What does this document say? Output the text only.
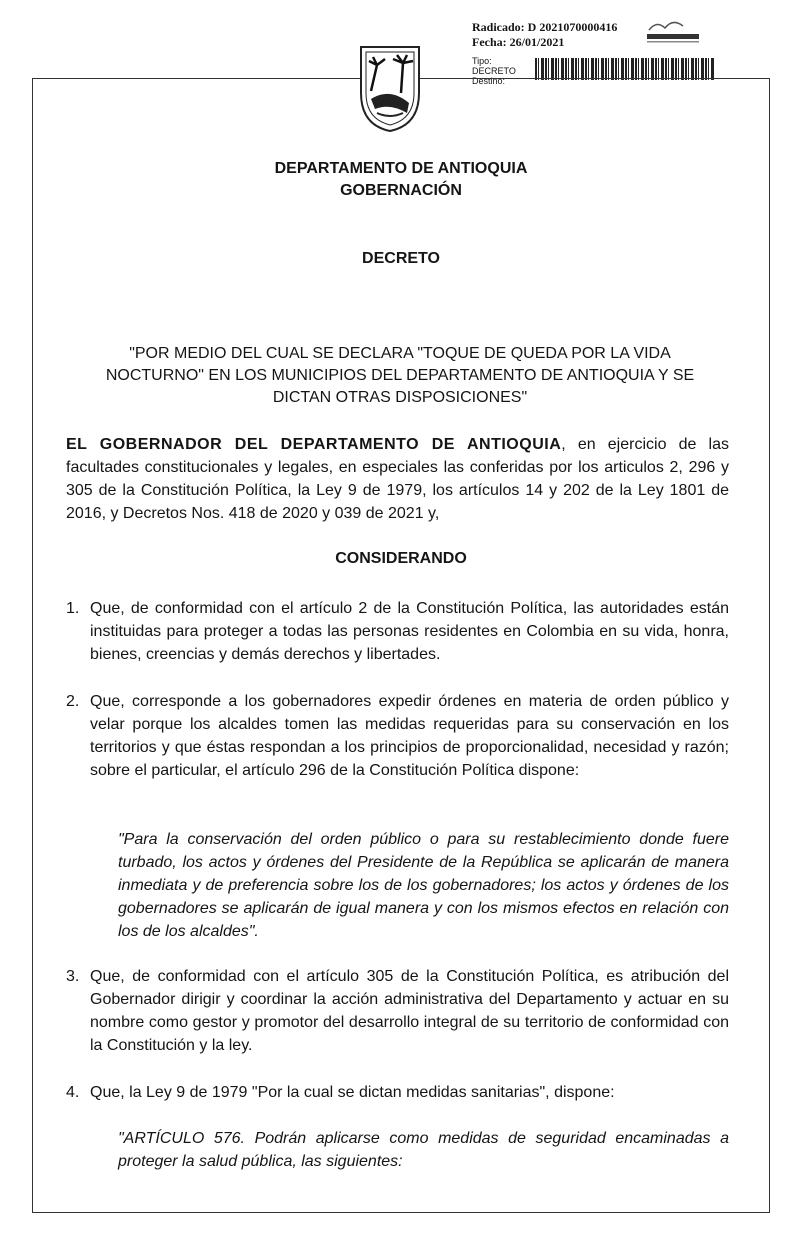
Radicado: D 2021070000416
Fecha: 26/01/2021
Tipo:
DECRETO
Destino:
DEPARTAMENTO DE ANTIOQUIA
GOBERNACIÓN
DECRETO
"POR MEDIO DEL CUAL SE DECLARA "TOQUE DE QUEDA POR LA VIDA NOCTURNO" EN LOS MUNICIPIOS DEL DEPARTAMENTO DE ANTIOQUIA Y SE DICTAN OTRAS DISPOSICIONES"
EL GOBERNADOR DEL DEPARTAMENTO DE ANTIOQUIA, en ejercicio de las facultades constitucionales y legales, en especiales las conferidas por los articulos 2, 296 y 305 de la Constitución Política, la Ley 9 de 1979, los artículos 14 y 202 de la Ley 1801 de 2016, y Decretos Nos. 418 de 2020 y 039 de 2021 y,
CONSIDERANDO
1. Que, de conformidad con el artículo 2 de la Constitución Política, las autoridades están instituidas para proteger a todas las personas residentes en Colombia en su vida, honra, bienes, creencias y demás derechos y libertades.
2. Que, corresponde a los gobernadores expedir órdenes en materia de orden público y velar porque los alcaldes tomen las medidas requeridas para su conservación en los territorios y que éstas respondan a los principios de proporcionalidad, necesidad y razón; sobre el particular, el artículo 296 de la Constitución Política dispone:
"Para la conservación del orden público o para su restablecimiento donde fuere turbado, los actos y órdenes del Presidente de la República se aplicarán de manera inmediata y de preferencia sobre los de los gobernadores; los actos y órdenes de los gobernadores se aplicarán de igual manera y con los mismos efectos en relación con los de los alcaldes".
3. Que, de conformidad con el artículo 305 de la Constitución Política, es atribución del Gobernador dirigir y coordinar la acción administrativa del Departamento y actuar en su nombre como gestor y promotor del desarrollo integral de su territorio de conformidad con la Constitución y la ley.
4. Que, la Ley 9 de 1979 "Por la cual se dictan medidas sanitarias", dispone:
"ARTÍCULO 576. Podrán aplicarse como medidas de seguridad encaminadas a proteger la salud pública, las siguientes:
